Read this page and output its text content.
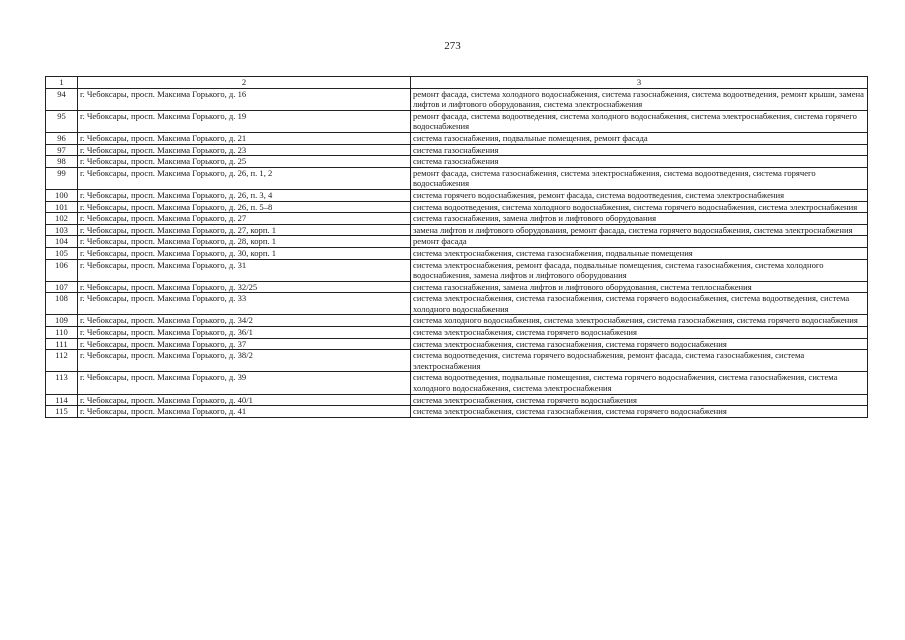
273
1	2	3
94	г. Чебоксары, просп. Максима Горького, д. 16	ремонт фасада, система холодного водоснабжения, система газоснабжения, система водоотведения, ремонт крыши, замена лифтов и лифтового оборудования, система электроснабжения
95	г. Чебоксары, просп. Максима Горького, д. 19	ремонт фасада, система водоотведения, система холодного водоснабжения, система электроснабжения, система горячего водоснабжения
96	г. Чебоксары, просп. Максима Горького, д. 21	система газоснабжения, подвальные помещения, ремонт фасада
97	г. Чебоксары, просп. Максима Горького, д. 23	система газоснабжения
98	г. Чебоксары, просп. Максима Горького, д. 25	система газоснабжения
99	г. Чебоксары, просп. Максима Горького, д. 26, п. 1, 2	ремонт фасада, система газоснабжения, система электроснабжения, система водоотведения, система горячего водоснабжения
100	г. Чебоксары, просп. Максима Горького, д. 26, п. 3, 4	система горячего водоснабжения, ремонт фасада, система водоотведения, система электроснабжения
101	г. Чебоксары, просп. Максима Горького, д. 26, п. 5–8	система водоотведения, система холодного водоснабжения, система горячего водоснабжения, система электроснабжения
102	г. Чебоксары, просп. Максима Горького, д. 27	система газоснабжения, замена лифтов и лифтового оборудования
103	г. Чебоксары, просп. Максима Горького, д. 27, корп. 1	замена лифтов и лифтового оборудования, ремонт фасада, система горячего водоснабжения, система электроснабжения
104	г. Чебоксары, просп. Максима Горького, д. 28, корп. 1	ремонт фасада
105	г. Чебоксары, просп. Максима Горького, д. 30, корп. 1	система электроснабжения, система газоснабжения, подвальные помещения
106	г. Чебоксары, просп. Максима Горького, д. 31	система электроснабжения, ремонт фасада, подвальные помещения, система газоснабжения, система холодного водоснабжения, замена лифтов и лифтового оборудования
107	г. Чебоксары, просп. Максима Горького, д. 32/25	система газоснабжения, замена лифтов и лифтового оборудования, система теплоснабжения
108	г. Чебоксары, просп. Максима Горького, д. 33	система электроснабжения, система газоснабжения, система горячего водоснабжения, система водоотведения, система холодного водоснабжения
109	г. Чебоксары, просп. Максима Горького, д. 34/2	система холодного водоснабжения, система электроснабжения, система газоснабжения, система горячего водоснабжения
110	г. Чебоксары, просп. Максима Горького, д. 36/1	система электроснабжения, система горячего водоснабжения
111	г. Чебоксары, просп. Максима Горького, д. 37	система электроснабжения, система газоснабжения, система горячего водоснабжения
112	г. Чебоксары, просп. Максима Горького, д. 38/2	система водоотведения, система горячего водоснабжения, ремонт фасада, система газоснабжения, система электроснабжения
113	г. Чебоксары, просп. Максима Горького, д. 39	система водоотведения, подвальные помещения, система горячего водоснабжения, система газоснабжения, система холодного водоснабжения, система электроснабжения
114	г. Чебоксары, просп. Максима Горького, д. 40/1	система электроснабжения, система горячего водоснабжения
115	г. Чебоксары, просп. Максима Горького, д. 41	система электроснабжения, система газоснабжения, система горячего водоснабжения
